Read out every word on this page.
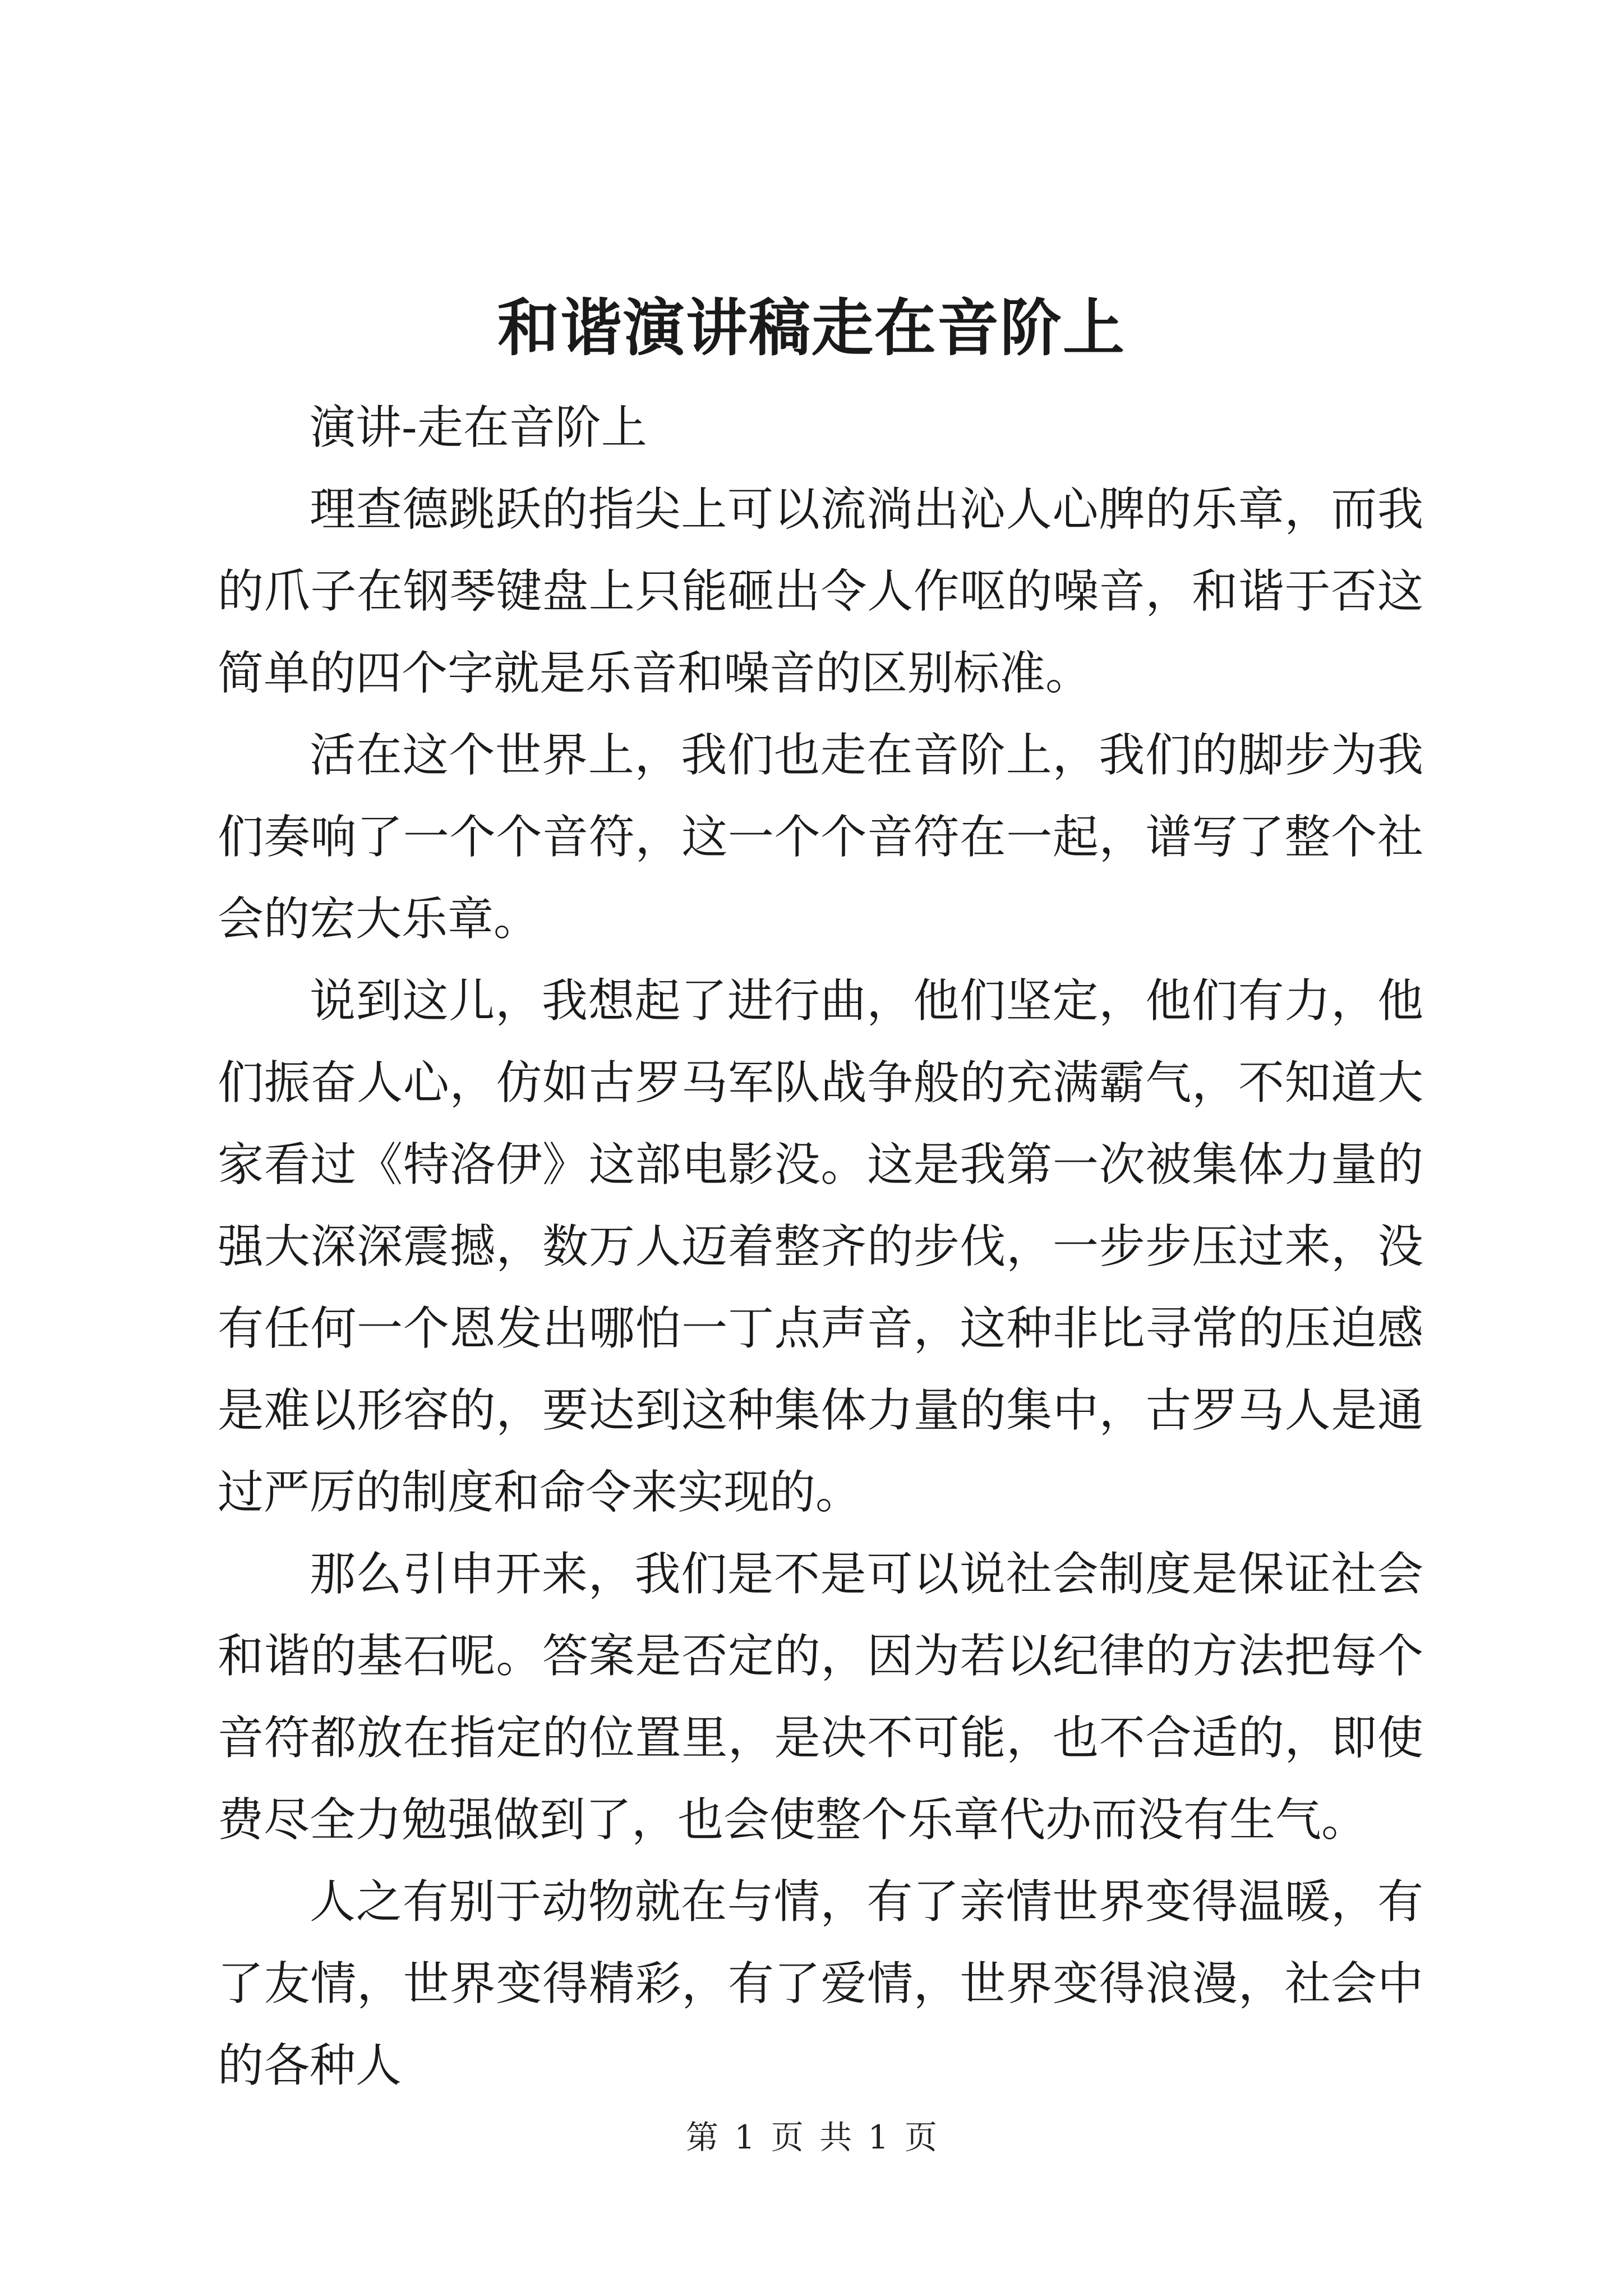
和谐演讲稿走在音阶上

演讲-走在音阶上

理查德跳跃的指尖上可以流淌出沁人心脾的乐章，而我的爪子在钢琴键盘上只能砸出令人作呕的噪音，和谐于否这简单的四个字就是乐音和噪音的区别标准。

活在这个世界上，我们也走在音阶上，我们的脚步为我们奏响了一个个音符，这一个个音符在一起，谱写了整个社会的宏大乐章。

说到这儿，我想起了进行曲，他们坚定，他们有力，他们振奋人心，仿如古罗马军队战争般的充满霸气，不知道大家看过《特洛伊》这部电影没。这是我第一次被集体力量的强大深深震撼，数万人迈着整齐的步伐，一步步压过来，没有任何一个恩发出哪怕一丁点声音，这种非比寻常的压迫感是难以形容的，要达到这种集体力量的集中，古罗马人是通过严厉的制度和命令来实现的。

那么引申开来，我们是不是可以说社会制度是保证社会和谐的基石呢。答案是否定的，因为若以纪律的方法把每个音符都放在指定的位置里，是决不可能，也不合适的，即使费尽全力勉强做到了，也会使整个乐章代办而没有生气。

人之有别于动物就在与情，有了亲情世界变得温暖，有了友情，世界变得精彩，有了爱情，世界变得浪漫，社会中的各种人

第 1 页 共 1 页
